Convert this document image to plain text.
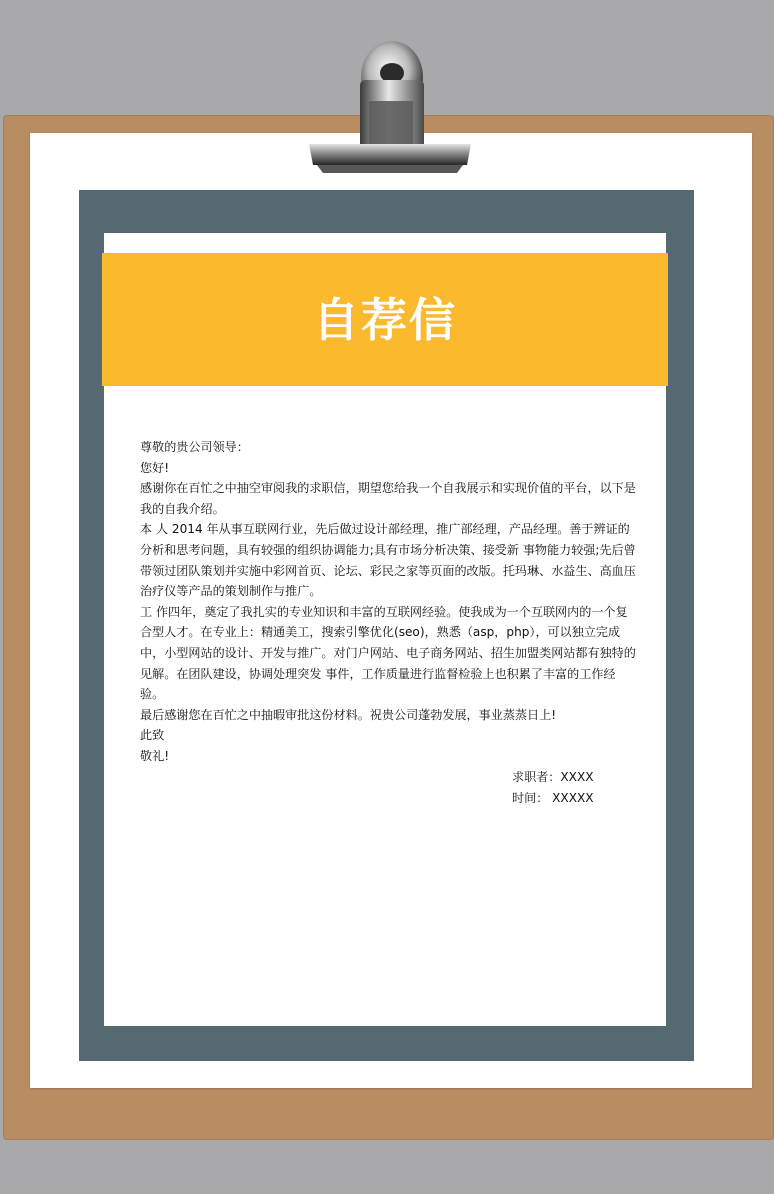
自荐信

尊敬的贵公司领导：

您好!

感谢你在百忙之中抽空审阅我的求职信，期望您给我一个自我展示和实现价值的平台，以下是我的自我介绍。

本 人 2014 年从事互联网行业，先后做过设计部经理，推广部经理，产品经理。善于辨证的分析和思考问题，具有较强的组织协调能力;具有市场分析决策、接受新 事物能力较强;先后曾带领过团队策划并实施中彩网首页、论坛、彩民之家等页面的改版。托玛琳、水益生、高血压治疗仪等产品的策划制作与推广。

工 作四年，奠定了我扎实的专业知识和丰富的互联网经验。使我成为一个互联网内的一个复合型人才。在专业上：精通美工，搜索引擎优化(seo)，熟悉（asp，php），可以独立完成中，小型网站的设计、开发与推广。对门户网站、电子商务网站、招生加盟类网站都有独特的见解。在团队建设，协调处理突发 事件，工作质量进行监督检验上也积累了丰富的工作经验。

最后感谢您在百忙之中抽暇审批这份材料。祝贵公司蓬勃发展，事业蒸蒸日上!

此致

敬礼!

求职者：XXXX

时间： XXXXX
